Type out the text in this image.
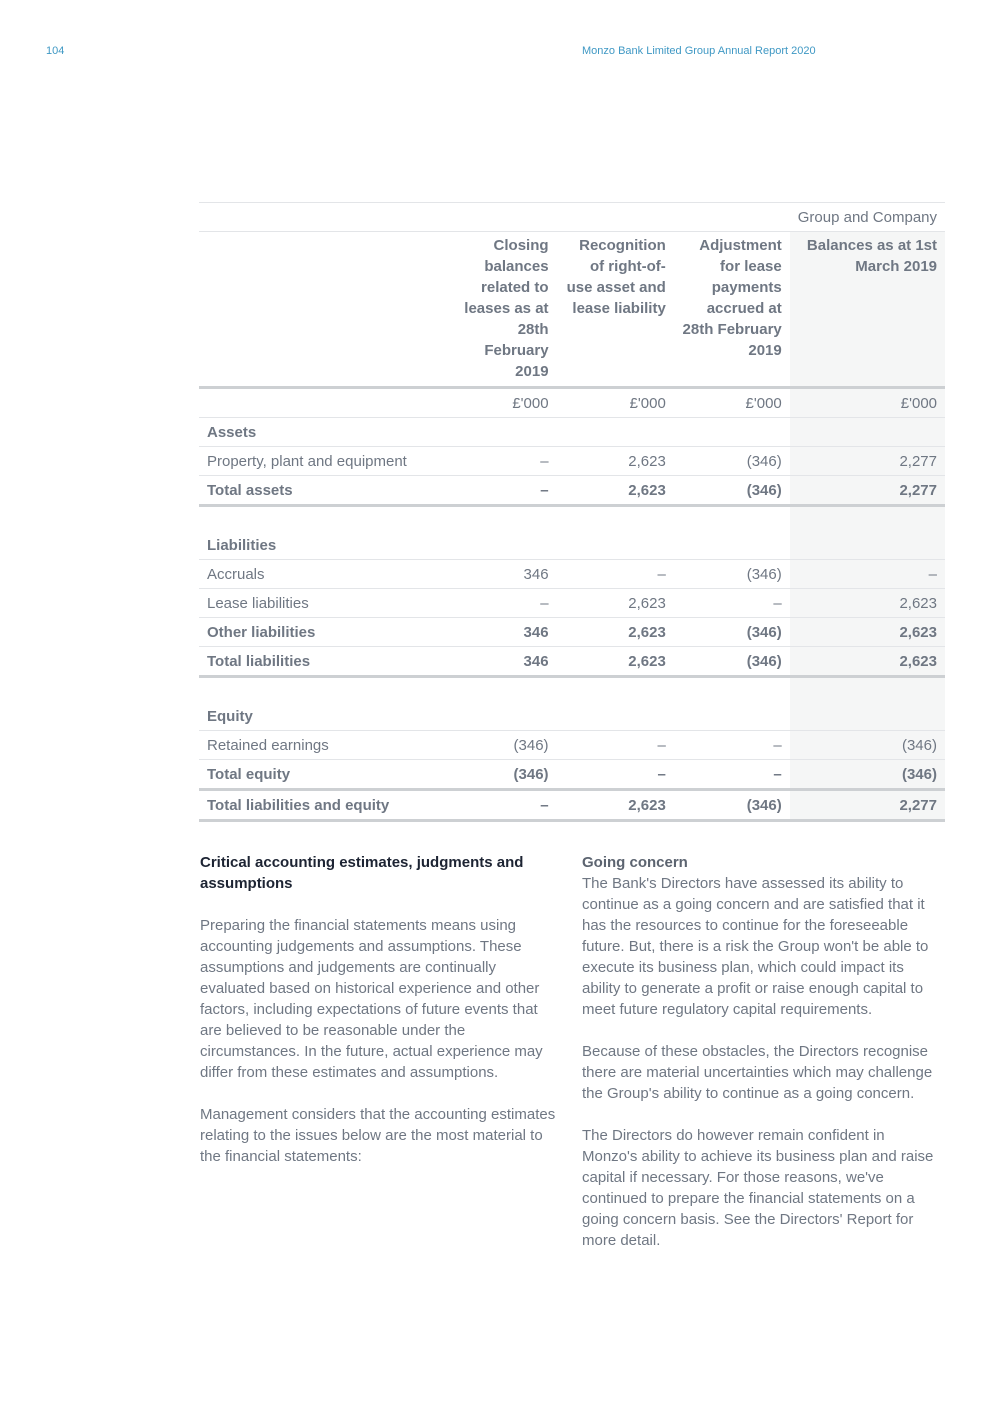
104	Monzo Bank Limited Group Annual Report 2020
				Group and Company
	Closing balances related to leases as at 28th February 2019	Recognition of right-of-use asset and lease liability	Adjustment for lease payments accrued at 28th February 2019	Balances as at 1st March 2019
	£'000	£'000	£'000	£'000
Assets				
Property, plant and equipment	–	2,623	(346)	2,277
Total assets	–	2,623	(346)	2,277

Liabilities				
Accruals	346	–	(346)	–
Lease liabilities	–	2,623	–	2,623
Other liabilities	346	2,623	(346)	2,623
Total liabilities	346	2,623	(346)	2,623

Equity				
Retained earnings	(346)	–	–	(346)
Total equity	(346)	–	–	(346)
Total liabilities and equity	–	2,623	(346)	2,277
Critical accounting estimates, judgments and assumptions

Preparing the financial statements means using accounting judgements and assumptions. These assumptions and judgements are continually evaluated based on historical experience and other factors, including expectations of future events that are believed to be reasonable under the circumstances. In the future, actual experience may differ from these estimates and assumptions.

Management considers that the accounting estimates relating to the issues below are the most material to the financial statements:

Going concern

The Bank's Directors have assessed its ability to continue as a going concern and are satisfied that it has the resources to continue for the foreseeable future. But, there is a risk the Group won't be able to execute its business plan, which could impact its ability to generate a profit or raise enough capital to meet future regulatory capital requirements.

Because of these obstacles, the Directors recognise there are material uncertainties which may challenge the Group's ability to continue as a going concern.

The Directors do however remain confident in Monzo's ability to achieve its business plan and raise capital if necessary. For those reasons, we've continued to prepare the financial statements on a going concern basis. See the Directors' Report for more detail.
